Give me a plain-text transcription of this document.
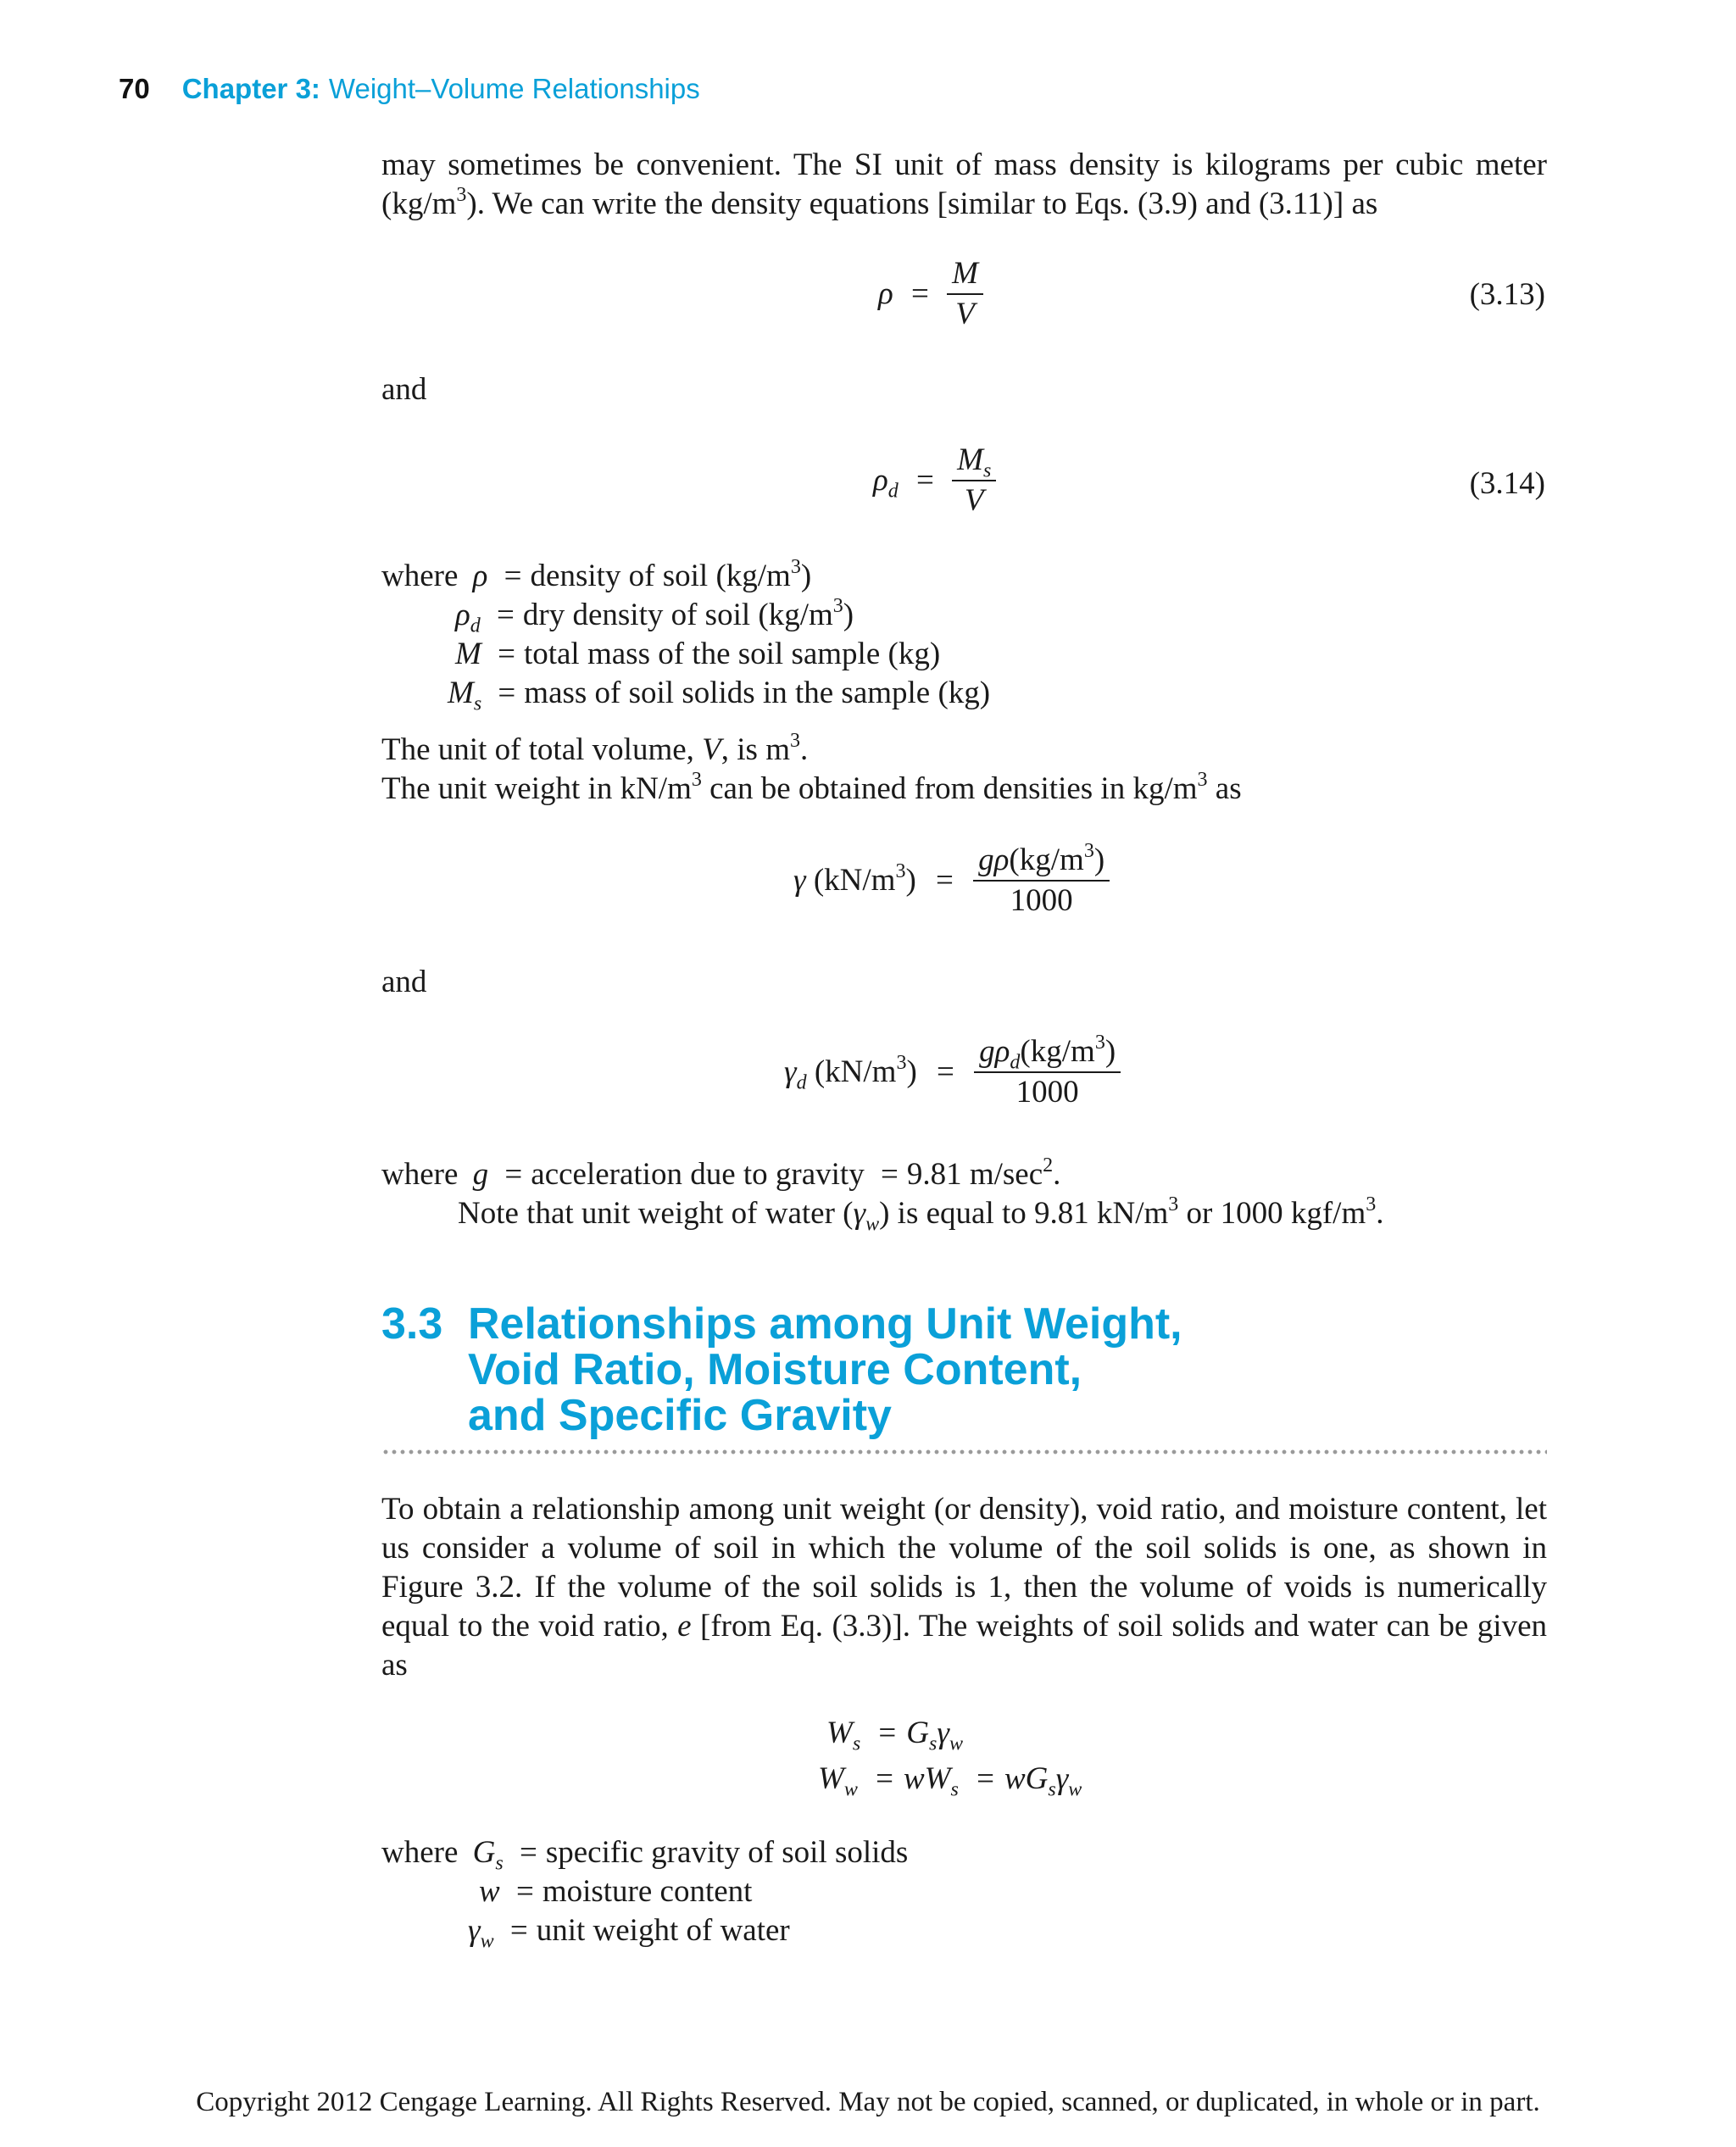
70 Chapter 3: Weight–Volume Relationships
may sometimes be convenient. The SI unit of mass density is kilograms per cubic meter
$(kg/m^3)$. We can write the density equations [similar to Eqs. (3.9) and (3.11)] as
$\rho = \frac{M}{V}$	(3.13)
and
$\rho_d = \frac{M_s}{V}$	(3.14)
where ρ = density of soil $(kg/m^3)$
$\rho_d$ = dry density of soil $(kg/m^3)$
M = total mass of the soil sample (kg)
$M_s$ = mass of soil solids in the sample (kg)
The unit of total volume, V, is $m^3$.
The unit weight in $kN/m^3$ can be obtained from densities in $kg/m^3$ as
γ $(kN/m^3) = \frac{g\rho(kg/m^3)}{1000}$
and
$\gamma_d$ $(kN/m^3) = \frac{g\rho_d(kg/m^3)}{1000}$
where g = acceleration due to gravity = 9.81 $m/\sec^2$.
Note that unit weight of water $(\gamma_w)$ is equal to 9.81 $kN/m^3$ or 1000 kgf/$m^3$.
3.3 Relationships among Unit Weight,
Void Ratio, Moisture Content,
and Specific Gravity
To obtain a relationship among unit weight (or density), void ratio, and moisture content, let us consider a volume of soil in which the volume of the soil solids is one, as shown in Figure 3.2. If the volume of the soil solids is 1, then the volume of voids is numerically equal to the void ratio, e [from Eq. (3.3)]. The weights of soil solids and water can be given as
$W_s = G_s\gamma_w$
$W_w = wW_s = wG_s\gamma_w$
where $G_s$ = specific gravity of soil solids
w = moisture content
$\gamma_w$ = unit weight of water
Copyright 2012 Cengage Learning. All Rights Reserved. May not be copied, scanned, or duplicated, in whole or in part.
